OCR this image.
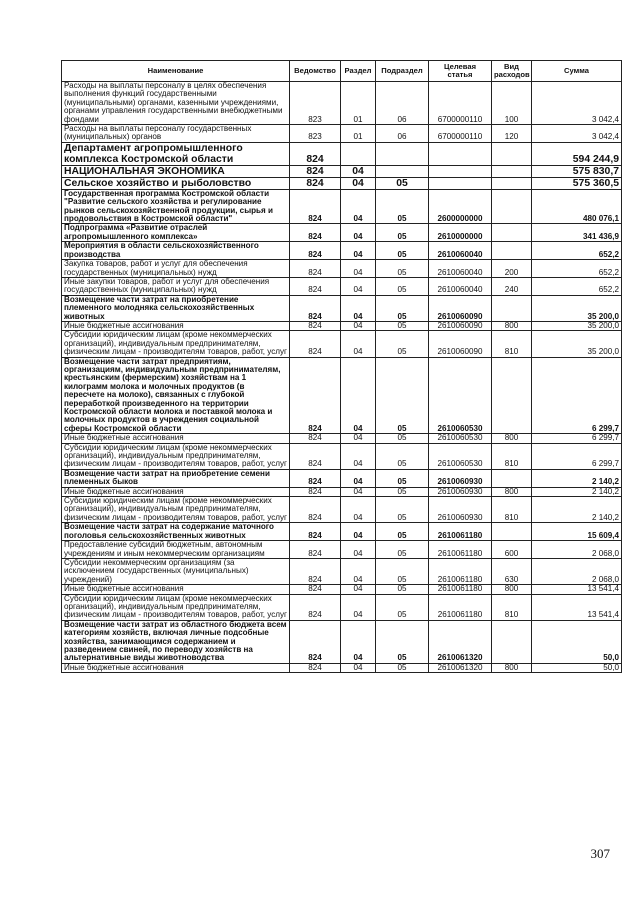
Наименование	Ведомство	Раздел	Подраздел	Целевая статья	Вид расходов	Сумма
Расходы на выплаты персоналу в целях обеспечения выполнения функций государственными (муниципальными) органами, казенными учреждениями, органами управления государственными внебюджетными фондами	823	01	06	6700000110	100	3 042,4
Расходы на выплаты персоналу государственных (муниципальных) органов	823	01	06	6700000110	120	3 042,4
Департамент агропромышленного комплекса Костромской области	824					594 244,9
НАЦИОНАЛЬНАЯ ЭКОНОМИКА	824	04				575 830,7
Сельское хозяйство и рыболовство	824	04	05			575 360,5
Государственная программа Костромской области "Развитие сельского хозяйства и регулирование рынков сельскохозяйственной продукции, сырья и продовольствия в Костромской области"	824	04	05	2600000000		480 076,1
Подпрограмма «Развитие отраслей агропромышленного комплекса»	824	04	05	2610000000		341 436,9
Мероприятия в области сельскохозяйственного производства	824	04	05	2610060040		652,2
Закупка товаров, работ и услуг для обеспечения государственных (муниципальных) нужд	824	04	05	2610060040	200	652,2
Иные закупки товаров, работ и услуг для обеспечения государственных (муниципальных) нужд	824	04	05	2610060040	240	652,2
Возмещение части затрат на приобретение племенного молодняка сельскохозяйственных животных	824	04	05	2610060090		35 200,0
Иные бюджетные ассигнования	824	04	05	2610060090	800	35 200,0
Субсидии юридическим лицам (кроме некоммерческих организаций), индивидуальным предпринимателям, физическим лицам - производителям товаров, работ, услуг	824	04	05	2610060090	810	35 200,0
Возмещение части затрат предприятиям, организациям, индивидуальным предпринимателям, крестьянским (фермерским) хозяйствам на 1 килограмм молока и молочных продуктов (в пересчете на молоко), связанных с глубокой переработкой произведенного на территории Костромской области молока и поставкой молока и молочных продуктов в учреждения социальной сферы Костромской области	824	04	05	2610060530		6 299,7
Иные бюджетные ассигнования	824	04	05	2610060530	800	6 299,7
Субсидии юридическим лицам (кроме некоммерческих организаций), индивидуальным предпринимателям, физическим лицам - производителям товаров, работ, услуг	824	04	05	2610060530	810	6 299,7
Возмещение части затрат на приобретение семени племенных быков	824	04	05	2610060930		2 140,2
Иные бюджетные ассигнования	824	04	05	2610060930	800	2 140,2
Субсидии юридическим лицам (кроме некоммерческих организаций), индивидуальным предпринимателям, физическим лицам - производителям товаров, работ, услуг	824	04	05	2610060930	810	2 140,2
Возмещение части затрат на содержание маточного поголовья сельскохозяйственных животных	824	04	05	2610061180		15 609,4
Предоставление субсидий бюджетным, автономным учреждениям и иным некоммерческим организациям	824	04	05	2610061180	600	2 068,0
Субсидии некоммерческим организациям (за исключением государственных (муниципальных) учреждений)	824	04	05	2610061180	630	2 068,0
Иные бюджетные ассигнования	824	04	05	2610061180	800	13 541,4
Субсидии юридическим лицам (кроме некоммерческих организаций), индивидуальным предпринимателям, физическим лицам - производителям товаров, работ, услуг	824	04	05	2610061180	810	13 541,4
Возмещение части затрат из областного бюджета всем категориям хозяйств, включая личные подсобные хозяйства, занимающимся содержанием и разведением свиней, по переводу хозяйств на альтернативные виды животноводства	824	04	05	2610061320		50,0
Иные бюджетные ассигнования	824	04	05	2610061320	800	50,0
307
